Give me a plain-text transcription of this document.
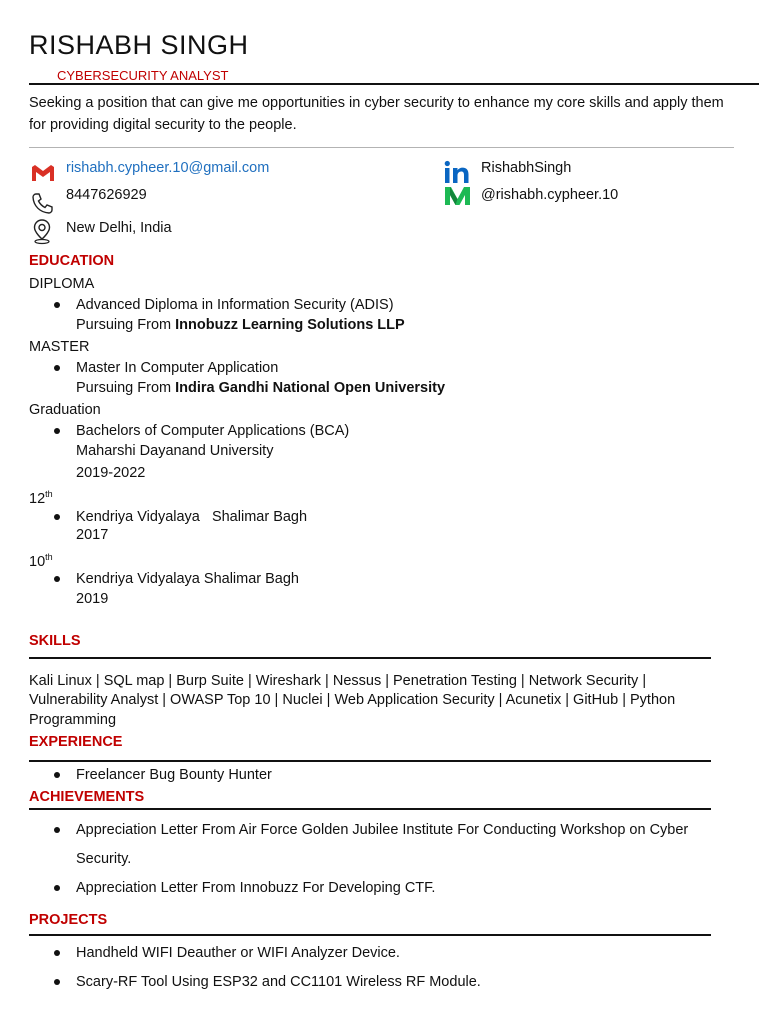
RISHABH SINGH
CYBERSECURITY ANALYST
Seeking a position that can give me opportunities in cyber security to enhance my core skills and apply them for providing digital security to the people.
rishabh.cypheer.10@gmail.com
8447626929
New Delhi, India
RishabhSingh
@rishabh.cypheer.10
EDUCATION
DIPLOMA
Advanced Diploma in Information Security (ADIS)
Pursuing From Innobuzz Learning Solutions LLP
MASTER
Master In Computer Application
Pursuing From Indira Gandhi National Open University
Graduation
Bachelors of Computer Applications (BCA)
Maharshi Dayanand University
2019-2022
12th
Kendriya Vidyalaya   Shalimar Bagh
2017
10th
Kendriya Vidyalaya Shalimar Bagh
2019
SKILLS
Kali Linux | SQL map | Burp Suite | Wireshark | Nessus | Penetration Testing | Network Security |
Vulnerability Analyst | OWASP Top 10 | Nuclei | Web Application Security | Acunetix | GitHub | Python
Programming
EXPERIENCE
Freelancer Bug Bounty Hunter
ACHIEVEMENTS
Appreciation Letter From Air Force Golden Jubilee Institute For Conducting Workshop on Cyber
Security.
Appreciation Letter From Innobuzz For Developing CTF.
PROJECTS
Handheld WIFI Deauther or WIFI Analyzer Device.
Scary-RF Tool Using ESP32 and CC1101 Wireless RF Module.
